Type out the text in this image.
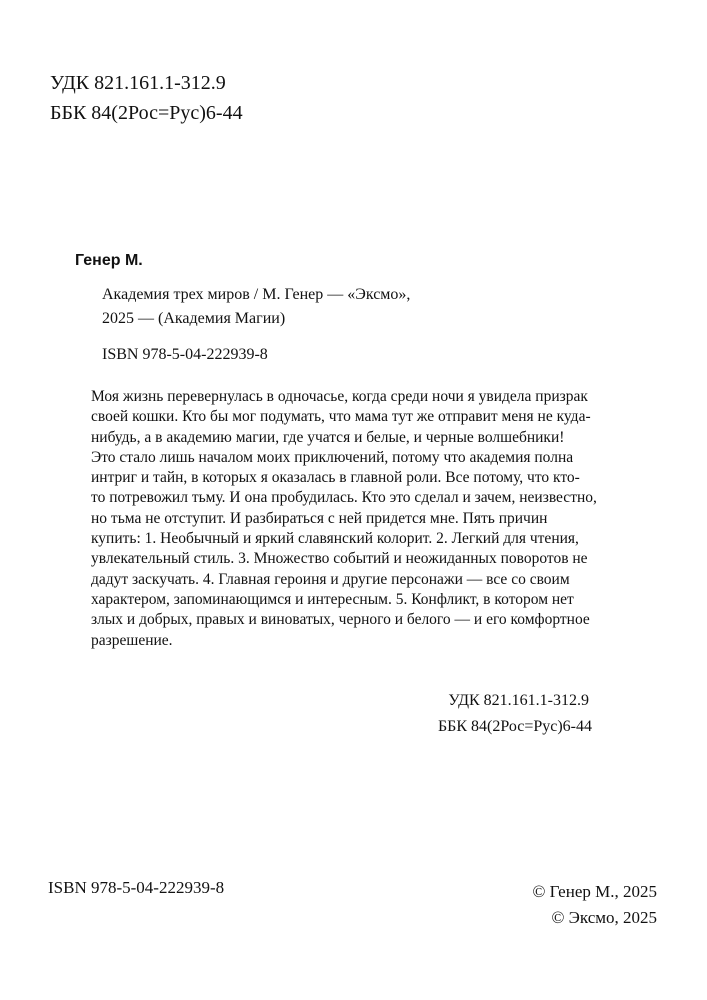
УДК 821.161.1-312.9
ББК 84(2Рос=Рус)6-44
Генер М.
Академия трех миров / М. Генер — «Эксмо»,
2025 — (Академия Магии)
ISBN 978-5-04-222939-8
Моя жизнь перевернулась в одночасье, когда среди ночи я увидела призрак
своей кошки. Кто бы мог подумать, что мама тут же отправит меня не куда-
нибудь, а в академию магии, где учатся и белые, и черные волшебники!
Это стало лишь началом моих приключений, потому что академия полна
интриг и тайн, в которых я оказалась в главной роли. Все потому, что кто-
то потревожил тьму. И она пробудилась. Кто это сделал и зачем, неизвестно,
но тьма не отступит. И разбираться с ней придется мне. Пять причин
купить: 1. Необычный и яркий славянский колорит. 2. Легкий для чтения,
увлекательный стиль. 3. Множество событий и неожиданных поворотов не
дадут заскучать. 4. Главная героиня и другие персонажи — все со своим
характером, запоминающимся и интересным. 5. Конфликт, в котором нет
злых и добрых, правых и виноватых, черного и белого — и его комфортное
разрешение.
УДК 821.161.1-312.9
ББК 84(2Рос=Рус)6-44
ISBN 978-5-04-222939-8	© Генер М., 2025
© Эксмо, 2025
